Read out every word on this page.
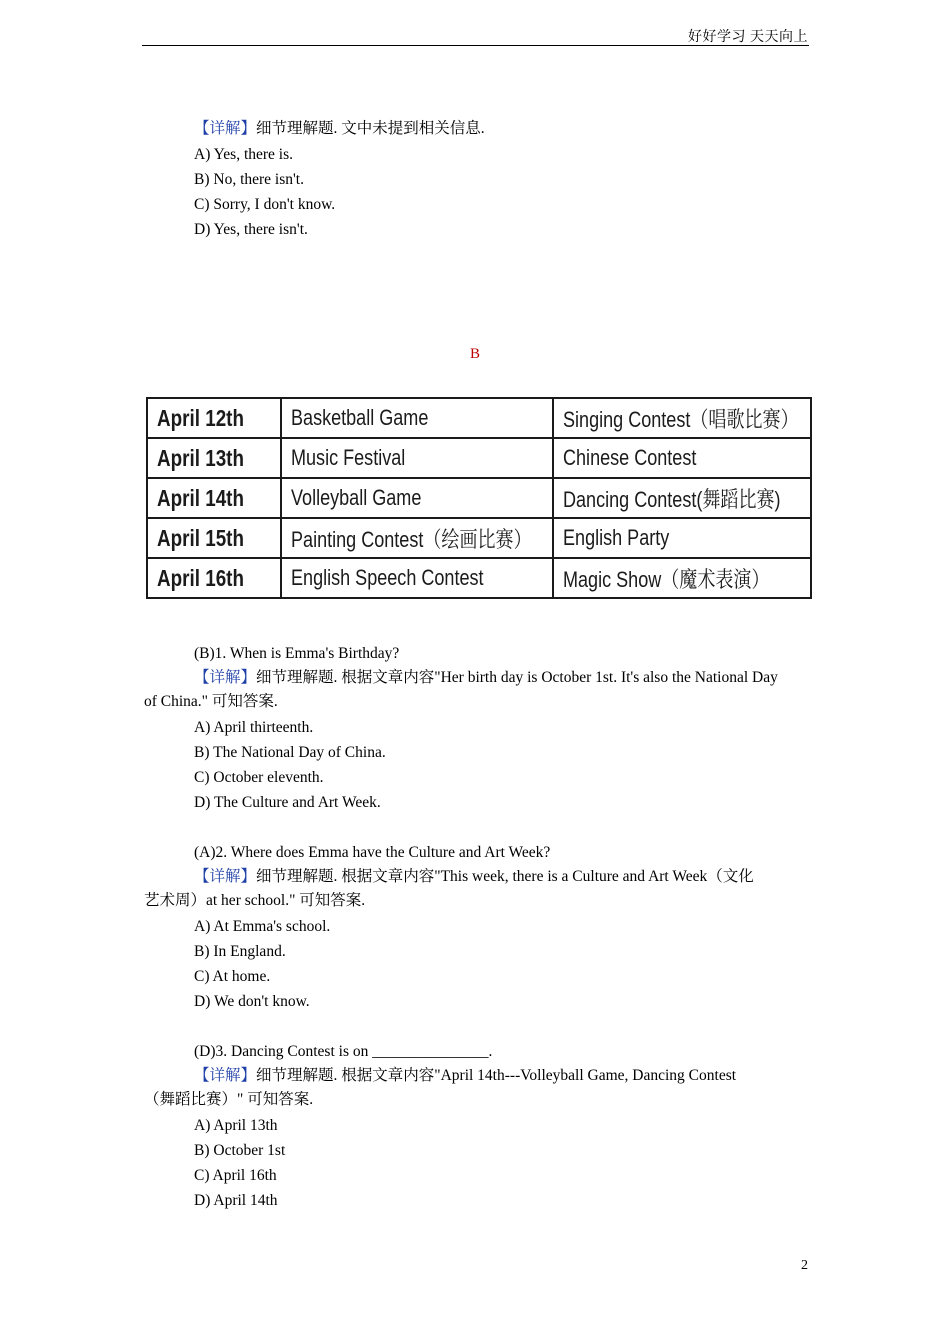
好好学习 天天向上
【详解】细节理解题. 文中未提到相关信息.
A) Yes, there is.
B) No, there isn't.
C) Sorry, I don't know.
D) Yes, there isn't.
B
April 12th	Basketball Game	Singing Contest（唱歌比赛）
April 13th	Music Festival	Chinese Contest
April 14th	Volleyball Game	Dancing Contest(舞蹈比赛)
April 15th	Painting Contest（绘画比赛）	English Party
April 16th	English Speech Contest	Magic Show（魔术表演）
(B)1. When is Emma's Birthday?
【详解】细节理解题. 根据文章内容"Her birth day is October 1st. It's also the National Day
of China." 可知答案.
A) April thirteenth.
B) The National Day of China.
C) October eleventh.
D) The Culture and Art Week.
(A)2. Where does Emma have the Culture and Art Week?
【详解】细节理解题. 根据文章内容"This week, there is a Culture and Art Week（文化
艺术周）at her school." 可知答案.
A) At Emma's school.
B) In England.
C) At home.
D) We don't know.
(D)3. Dancing Contest is on _______________.
【详解】细节理解题. 根据文章内容"April 14th---Volleyball Game, Dancing Contest
（舞蹈比赛）" 可知答案.
A) April 13th
B) October 1st
C) April 16th
D) April 14th
2
